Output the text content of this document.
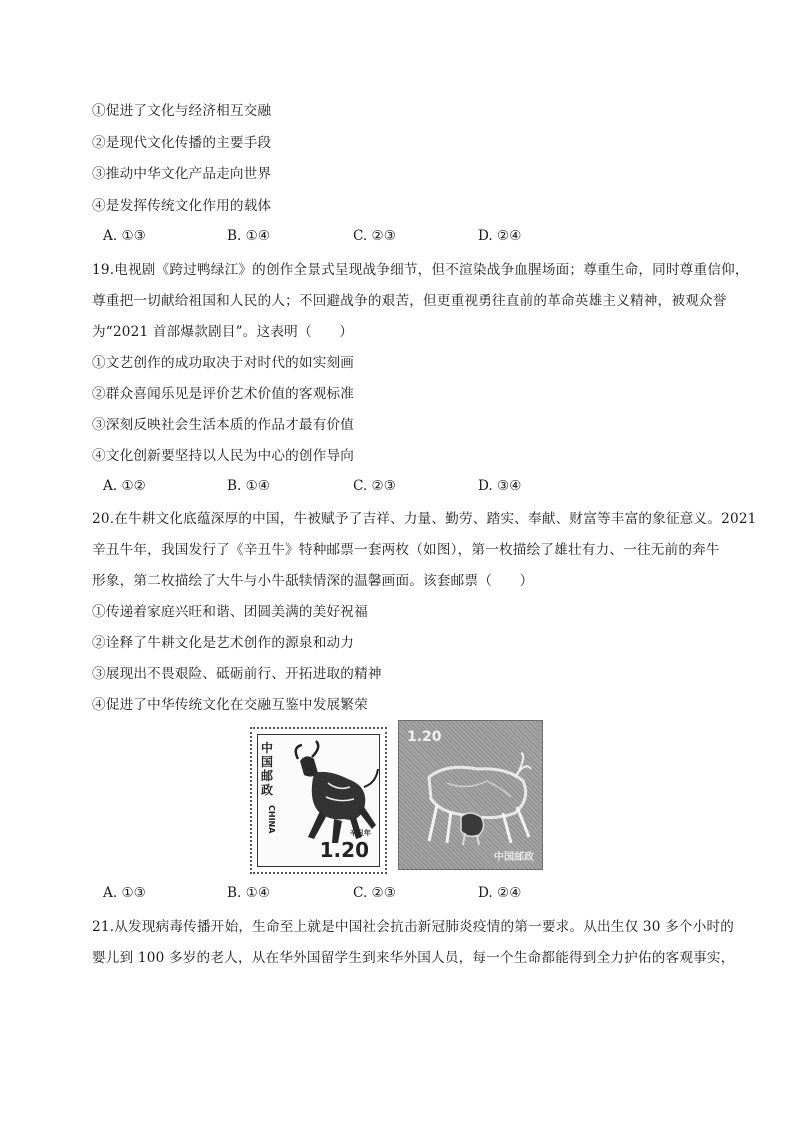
①促进了文化与经济相互交融
②是现代文化传播的主要手段
③推动中华文化产品走向世界
④是发挥传统文化作用的载体
A. ①③	B. ①④	C. ②③	D. ②④
19.电视剧《跨过鸭绿江》的创作全景式呈现战争细节，但不渲染战争血腥场面；尊重生命，同时尊重信仰，
尊重把一切献给祖国和人民的人；不回避战争的艰苦，但更重视勇往直前的革命英雄主义精神，被观众誉
为“2021 首部爆款剧目”。这表明（　　）
①文艺创作的成功取决于对时代的如实刻画
②群众喜闻乐见是评价艺术价值的客观标准
③深刻反映社会生活本质的作品才最有价值
④文化创新要坚持以人民为中心的创作导向
A. ①②	B. ①④	C. ②③	D. ③④
20.在牛耕文化底蕴深厚的中国，牛被赋予了吉祥、力量、勤劳、踏实、奉献、财富等丰富的象征意义。2021
辛丑牛年，我国发行了《辛丑牛》特种邮票一套两枚（如图），第一枚描绘了雄壮有力、一往无前的奔牛
形象，第二枚描绘了大牛与小牛舐犊情深的温馨画面。该套邮票（　　）
①传递着家庭兴旺和谐、团圆美满的美好祝福
②诠释了牛耕文化是艺术创作的源泉和动力
③展现出不畏艰险、砥砺前行、开拓进取的精神
④促进了中华传统文化在交融互鉴中发展繁荣
中国邮政
CHINA	辛丑年
1.20
1.20
中国邮政
A. ①③	B. ①④	C. ②③	D. ②④
21.从发现病毒传播开始，生命至上就是中国社会抗击新冠肺炎疫情的第一要求。从出生仅 30 多个小时的
婴儿到 100 多岁的老人，从在华外国留学生到来华外国人员，每一个生命都能得到全力护佑的客观事实，
